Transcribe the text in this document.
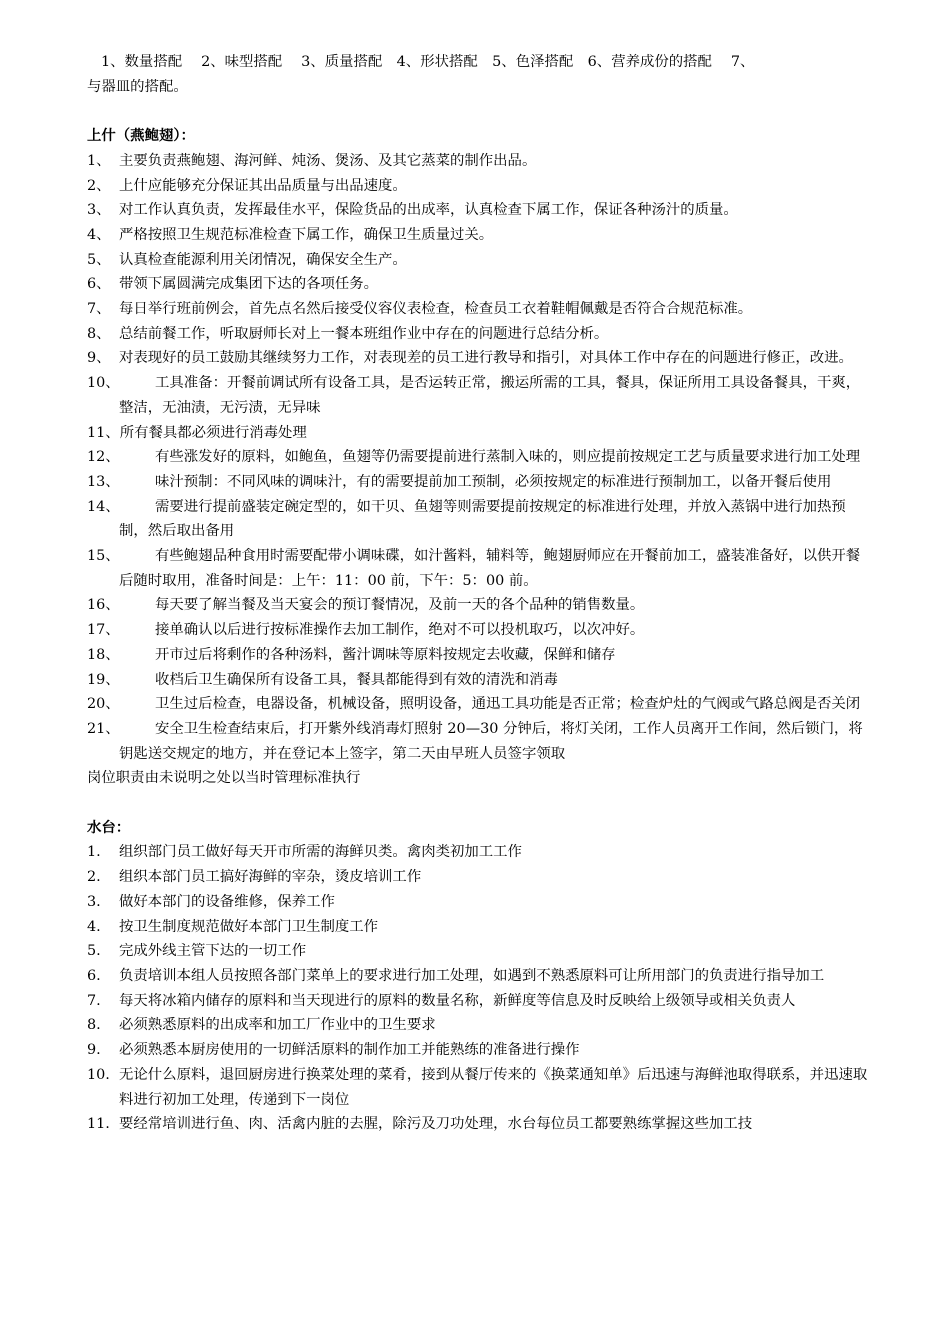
1、数量搭配　 2、味型搭配　 3、质量搭配　4、形状搭配　5、色泽搭配　6、营养成份的搭配　 7、

与器皿的搭配。

上什（燕鲍翅）：

1、 主要负责燕鲍翅、海河鲜、炖汤、煲汤、及其它蒸菜的制作出品。
2、 上什应能够充分保证其出品质量与出品速度。
3、 对工作认真负责，发挥最佳水平，保险货品的出成率，认真检查下属工作，保证各种汤汁的质量。
4、 严格按照卫生规范标准检查下属工作，确保卫生质量过关。
5、 认真检查能源利用关闭情况，确保安全生产。
6、 带领下属圆满完成集团下达的各项任务。
7、 每日举行班前例会，首先点名然后接受仪容仪表检查，检查员工衣着鞋帽佩戴是否符合合规范标准。
8、 总结前餐工作，听取厨师长对上一餐本班组作业中存在的问题进行总结分析。
9、 对表现好的员工鼓励其继续努力工作，对表现差的员工进行教导和指引，对具体工作中存在的问题进行修正，改进。
10、	工具准备：开餐前调试所有设备工具，是否运转正常，搬运所需的工具，餐具，保证所用工具设备餐具，干爽，整洁，无油渍，无污渍，无异味
11、所有餐具都必须进行消毒处理
12、	有些涨发好的原料，如鲍鱼，鱼翅等仍需要提前进行蒸制入味的，则应提前按规定工艺与质量要求进行加工处理
13、	味汁预制：不同风味的调味汁，有的需要提前加工预制，必须按规定的标准进行预制加工，以备开餐后使用
14、	需要进行提前盛装定碗定型的，如干贝、鱼翅等则需要提前按规定的标准进行处理，并放入蒸锅中进行加热预制，然后取出备用
15、	有些鲍翅品种食用时需要配带小调味碟，如汁酱料，辅料等，鲍翅厨师应在开餐前加工，盛装准备好，以供开餐后随时取用，准备时间是：上午：11：00 前，下午：5：00 前。
16、	每天要了解当餐及当天宴会的预订餐情况，及前一天的各个品种的销售数量。
17、	接单确认以后进行按标准操作去加工制作，绝对不可以投机取巧，以次冲好。
18、	开市过后将剩作的各种汤料，酱汁调味等原料按规定去收藏，保鲜和储存
19、	收档后卫生确保所有设备工具，餐具都能得到有效的清洗和消毒
20、	卫生过后检查，电器设备，机械设备，照明设备，通迅工具功能是否正常；检查炉灶的气阀或气路总阀是否关闭
21、	安全卫生检查结束后，打开紫外线消毒灯照射 20—30 分钟后，将灯关闭，工作人员离开工作间，然后锁门，将钥匙送交规定的地方，并在登记本上签字，第二天由早班人员签字领取

岗位职责由未说明之处以当时管理标准执行

水台：

1. 组织部门员工做好每天开市所需的海鲜贝类。禽肉类初加工工作
2. 组织本部门员工搞好海鲜的宰杂，烫皮培训工作
3. 做好本部门的设备维修，保养工作
4. 按卫生制度规范做好本部门卫生制度工作
5. 完成外线主管下达的一切工作
6. 负责培训本组人员按照各部门菜单上的要求进行加工处理，如遇到不熟悉原料可让所用部门的负责进行指导加工
7. 每天将冰箱内储存的原料和当天现进行的原料的数量名称，新鲜度等信息及时反映给上级领导或相关负责人
8. 必须熟悉原料的出成率和加工厂作业中的卫生要求
9. 必须熟悉本厨房使用的一切鲜活原料的制作加工并能熟练的准备进行操作
10. 无论什么原料，退回厨房进行换菜处理的菜肴，接到从餐厅传来的《换菜通知单》后迅速与海鲜池取得联系，并迅速取料进行初加工处理，传递到下一岗位
11. 要经常培训进行鱼、肉、活禽内脏的去腥，除污及刀功处理，水台每位员工都要熟练掌握这些加工技
